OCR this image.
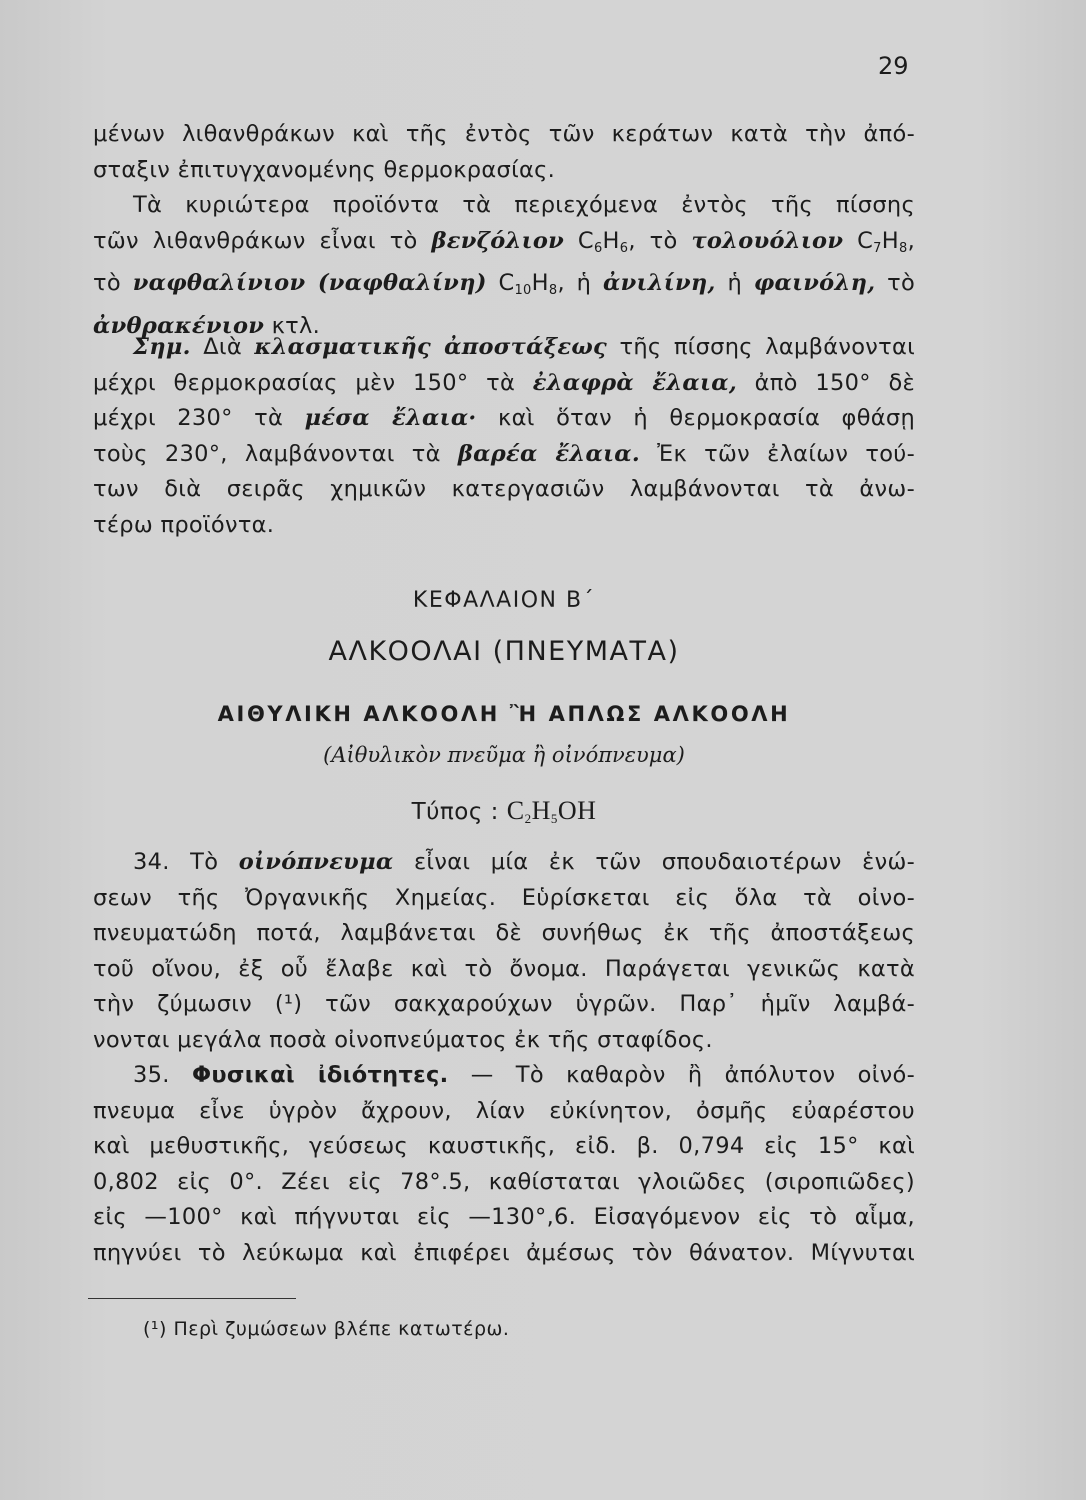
29
μένων λιθανθράκων καὶ τῆς ἐντὸς τῶν κεράτων κατὰ τὴν ἀπό-
σταξιν ἐπιτυγχανομένης θερμοκρασίας.
Τὰ κυριώτερα προϊόντα τὰ περιεχόμενα ἐντὸς τῆς πίσσης
τῶν λιθανθράκων εἶναι τὸ βενζόλιον $C_6H_6$, τὸ τολουόλιον $C_7H_8$,
τὸ ναφθαλίνιον (ναφθαλίνη) $C_{10}H_8$, ἡ ἀνιλίνη, ἡ φαινόλη, τὸ
ἀνθρακένιον κτλ.
Σημ. Διὰ κλασματικῆς ἀποστάξεως τῆς πίσσης λαμβάνονται
μέχρι θερμοκρασίας μὲν 150° τὰ ἐλαφρὰ ἔλαια, ἀπὸ 150° δὲ
μέχρι 230° τὰ μέσα ἔλαια· καὶ ὅταν ἡ θερμοκρασία φθάσῃ
τοὺς 230°, λαμβάνονται τὰ βαρέα ἔλαια. Ἐκ τῶν ἐλαίων τού-
των διὰ σειρᾶς χημικῶν κατεργασιῶν λαμβάνονται τὰ ἀνω-
τέρω προϊόντα.
ΚΕΦΑΛΑΙΟΝ Β΄
ΑΛΚΟΟΛΑΙ (ΠΝΕΥΜΑΤΑ)
ΑΙΘΥΛΙΚΗ ΑΛΚΟΟΛΗ Ἢ ΑΠΛΩΣ ΑΛΚΟΟΛΗ
(Αἰθυλικὸν πνεῦμα ἢ οἰνόπνευμα)
Τύπος : $C_2H_5OH$
34. Τὸ οἰνόπνευμα εἶναι μία ἐκ τῶν σπουδαιοτέρων ἑνώ-
σεων τῆς Ὀργανικῆς Χημείας. Εὑρίσκεται εἰς ὅλα τὰ οἰνο-
πνευματώδη ποτά, λαμβάνεται δὲ συνήθως ἐκ τῆς ἀποστάξεως
τοῦ οἴνου, ἐξ οὗ ἔλαβε καὶ τὸ ὄνομα. Παράγεται γενικῶς κατὰ
τὴν ζύμωσιν (¹) τῶν σακχαρούχων ὑγρῶν. Παρ᾽ ἡμῖν λαμβά-
νονται μεγάλα ποσὰ οἰνοπνεύματος ἐκ τῆς σταφίδος.
35. Φυσικαὶ ἰδιότητες. — Τὸ καθαρὸν ἢ ἀπόλυτον οἰνό-
πνευμα εἶνε ὑγρὸν ἄχρουν, λίαν εὐκίνητον, ὀσμῆς εὐαρέστου
καὶ μεθυστικῆς, γεύσεως καυστικῆς, εἰδ. β. 0,794 εἰς 15° καὶ
0,802 εἰς 0°. Ζέει εἰς 78°.5, καθίσταται γλοιῶδες (σιροπιῶδες)
εἰς —100° καὶ πήγνυται εἰς —130°,6. Εἰσαγόμενον εἰς τὸ αἷμα,
πηγνύει τὸ λεύκωμα καὶ ἐπιφέρει ἀμέσως τὸν θάνατον. Μίγνυται
(¹) Περὶ ζυμώσεων βλέπε κατωτέρω.
